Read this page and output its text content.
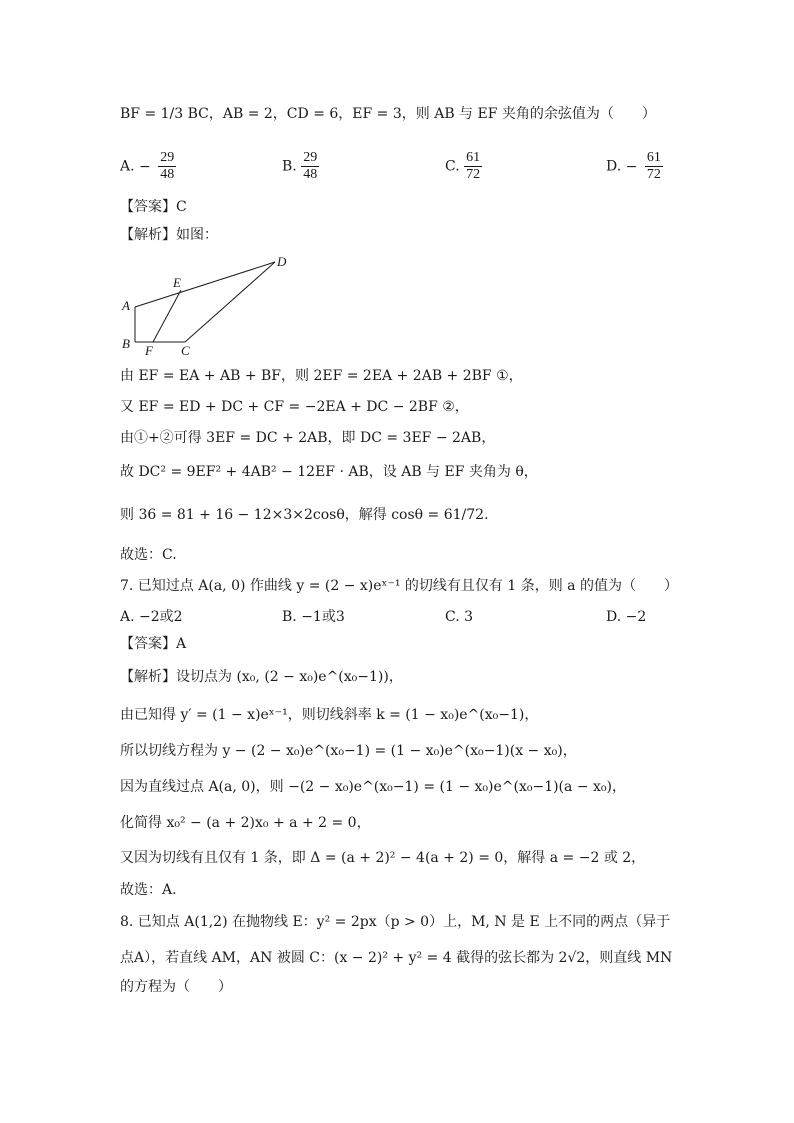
BF = 1/3 BC，AB = 2，CD = 6，EF = 3，则 AB 与 EF 夹角的余弦值为（　　）
A. − $\frac{29}{48}$	B. $\frac{29}{48}$	C. $\frac{61}{72}$	D. − $\frac{61}{72}$
【答案】C
【解析】如图：
A
B	C
D
E
F
由 EF = EA + AB + BF，则 2EF = 2EA + 2AB + 2BF ①，
又 EF = ED + DC + CF = −2EA + DC − 2BF ②，
由①+②可得 3EF = DC + 2AB，即 DC = 3EF − 2AB，
故 DC² = 9EF² + 4AB² − 12EF · AB，设 AB 与 EF 夹角为 θ，
则 36 = 81 + 16 − 12×3×2cosθ，解得 cosθ = 61/72.
故选：C.
7. 已知过点 A(a, 0) 作曲线 y = (2 − x)eˣ⁻¹ 的切线有且仅有 1 条，则 a 的值为（　　）
A. −2或2	B. −1或3	C. 3	D. −2
【答案】A
【解析】设切点为 (x₀, (2 − x₀)e^(x₀−1))，
由已知得 y′ = (1 − x)eˣ⁻¹，则切线斜率 k = (1 − x₀)e^(x₀−1)，
所以切线方程为 y − (2 − x₀)e^(x₀−1) = (1 − x₀)e^(x₀−1)(x − x₀)，
因为直线过点 A(a, 0)，则 −(2 − x₀)e^(x₀−1) = (1 − x₀)e^(x₀−1)(a − x₀)，
化简得 x₀² − (a + 2)x₀ + a + 2 = 0，
又因为切线有且仅有 1 条，即 Δ = (a + 2)² − 4(a + 2) = 0，解得 a = −2 或 2，
故选：A.
8. 已知点 A(1,2) 在抛物线 E：y² = 2px（p > 0）上，M, N 是 E 上不同的两点（异于
点A），若直线 AM，AN 被圆 C：(x − 2)² + y² = 4 截得的弦长都为 2√2，则直线 MN
的方程为（　　）
